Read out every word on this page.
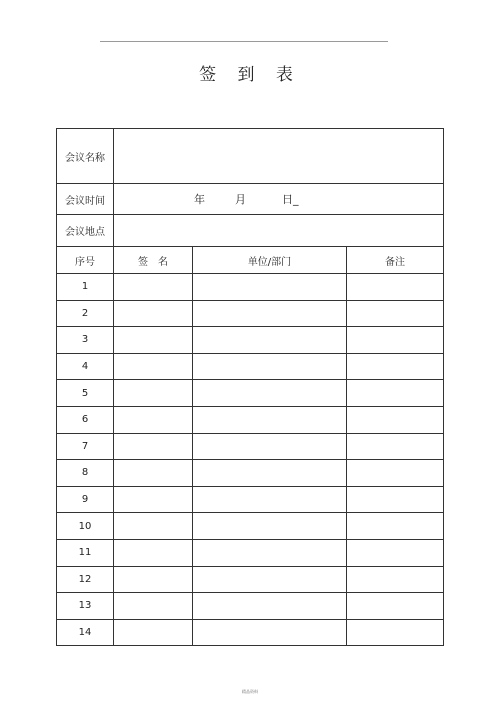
签 到 表
会议名称			
会议时间	年 月 日_		

会议地点			
序号	签　名	单位/部门	备注
1			
2			
3			
4			
5			
6			
7			
8			
9			
10			
11			
12			
13			
14			
精品资料
